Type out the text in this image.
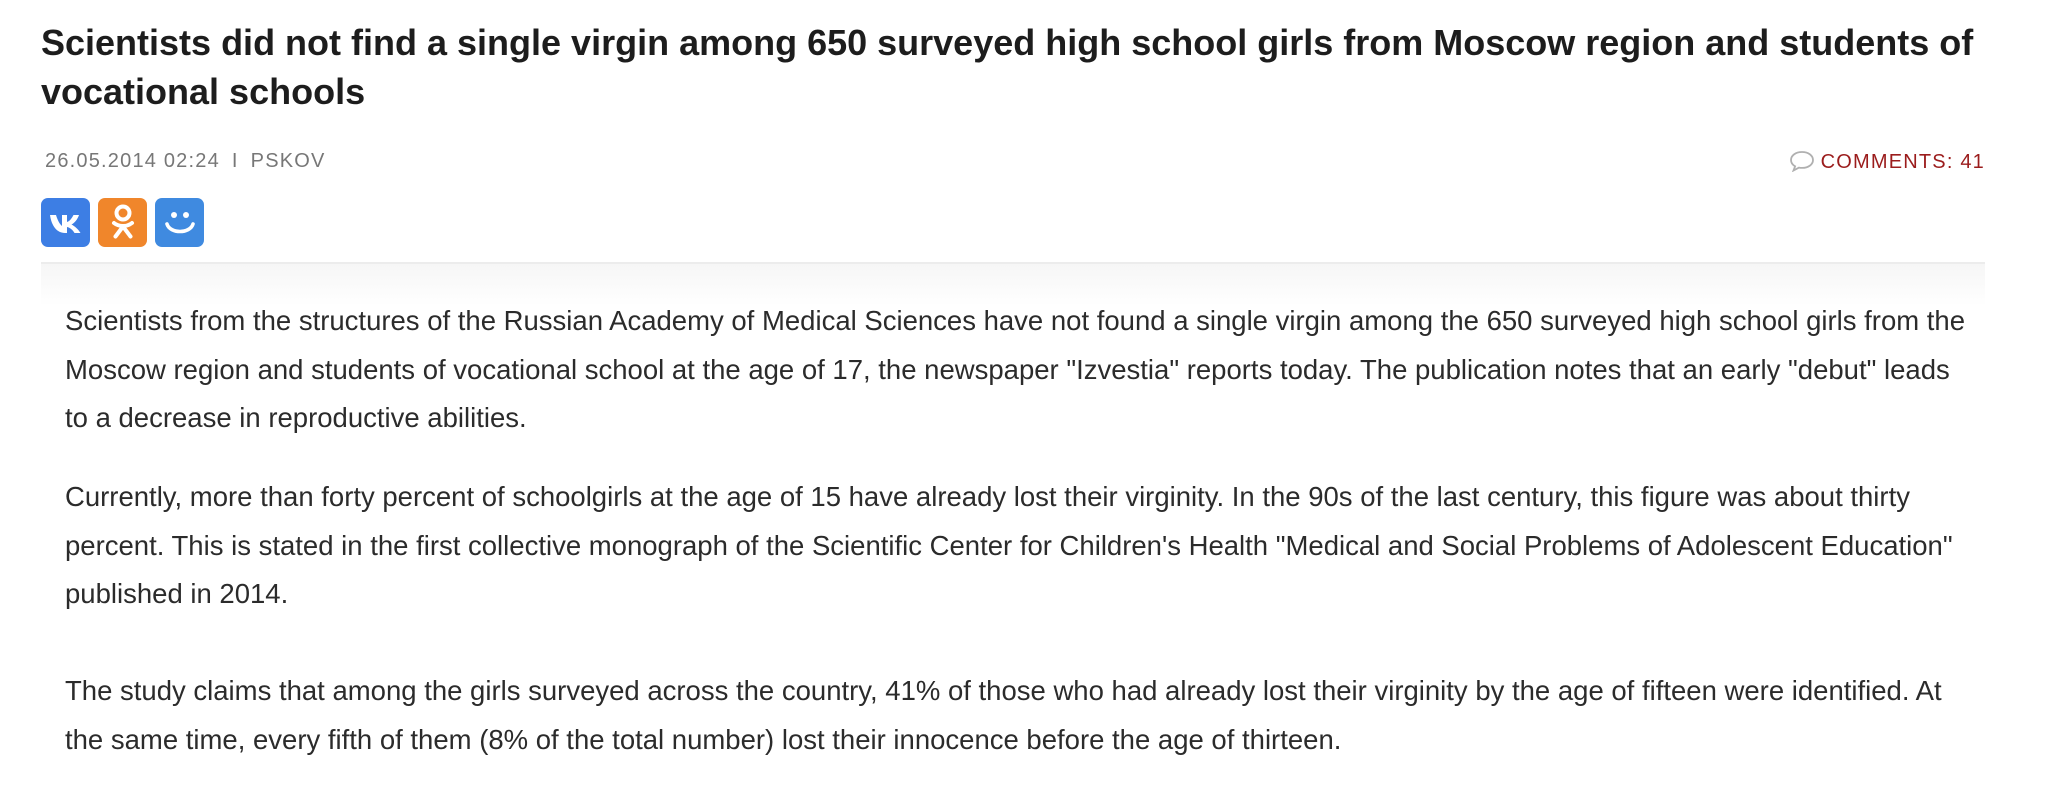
Scientists did not find a single virgin among 650 surveyed high school girls from Moscow region and students of vocational schools
26.05.2014 02:24 I PSKOV	COMMENTS: 41

Scientists from the structures of the Russian Academy of Medical Sciences have not found a single virgin among the 650 surveyed high school girls from the Moscow region and students of vocational school at the age of 17, the newspaper "Izvestia" reports today. The publication notes that an early "debut" leads to a decrease in reproductive abilities.

Currently, more than forty percent of schoolgirls at the age of 15 have already lost their virginity. In the 90s of the last century, this figure was about thirty percent. This is stated in the first collective monograph of the Scientific Center for Children's Health "Medical and Social Problems of Adolescent Education" published in 2014.

The study claims that among the girls surveyed across the country, 41% of those who had already lost their virginity by the age of fifteen were identified. At the same time, every fifth of them (8% of the total number) lost their innocence before the age of thirteen.
